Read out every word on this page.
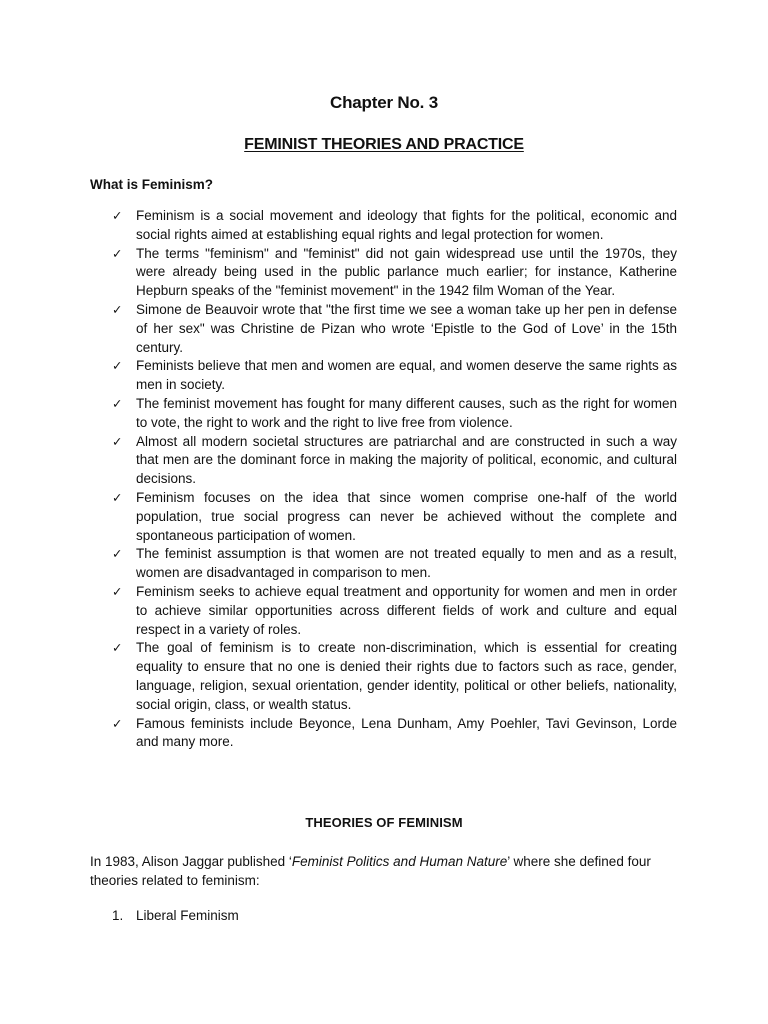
Chapter No. 3
FEMINIST THEORIES AND PRACTICE
What is Feminism?
✓ Feminism is a social movement and ideology that fights for the political, economic and social rights aimed at establishing equal rights and legal protection for women.
✓ The terms "feminism" and "feminist" did not gain widespread use until the 1970s, they were already being used in the public parlance much earlier; for instance, Katherine Hepburn speaks of the "feminist movement" in the 1942 film Woman of the Year.
✓ Simone de Beauvoir wrote that "the first time we see a woman take up her pen in defense of her sex" was Christine de Pizan who wrote ‘Epistle to the God of Love’ in the 15th century.
✓ Feminists believe that men and women are equal, and women deserve the same rights as men in society.
✓ The feminist movement has fought for many different causes, such as the right for women to vote, the right to work and the right to live free from violence.
✓ Almost all modern societal structures are patriarchal and are constructed in such a way that men are the dominant force in making the majority of political, economic, and cultural decisions.
✓ Feminism focuses on the idea that since women comprise one-half of the world population, true social progress can never be achieved without the complete and spontaneous participation of women.
✓ The feminist assumption is that women are not treated equally to men and as a result, women are disadvantaged in comparison to men.
✓ Feminism seeks to achieve equal treatment and opportunity for women and men in order to achieve similar opportunities across different fields of work and culture and equal respect in a variety of roles.
✓ The goal of feminism is to create non-discrimination, which is essential for creating equality to ensure that no one is denied their rights due to factors such as race, gender, language, religion, sexual orientation, gender identity, political or other beliefs, nationality, social origin, class, or wealth status.
✓ Famous feminists include Beyonce, Lena Dunham, Amy Poehler, Tavi Gevinson, Lorde and many more.
THEORIES OF FEMINISM
In 1983, Alison Jaggar published ‘Feminist Politics and Human Nature’ where she defined four theories related to feminism:
1. Liberal Feminism
